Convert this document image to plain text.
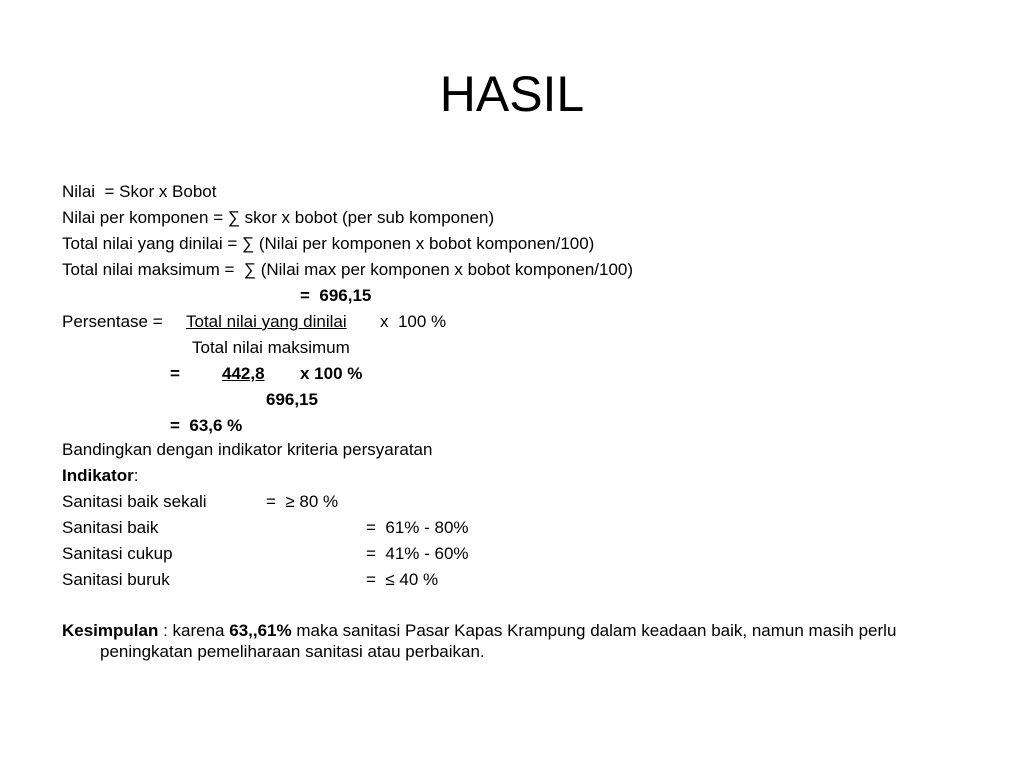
HASIL
Nilai  = Skor x Bobot
Nilai per komponen = ∑ skor x bobot (per sub komponen)
Total nilai yang dinilai = ∑ (Nilai per komponen x bobot komponen/100)
Total nilai maksimum =  ∑ (Nilai max per komponen x bobot komponen/100)
=  696,15
Persentase = Total nilai yang dinilai x  100 %
Total nilai maksimum
= 442,8	x 100 %
696,15
=  63,6 %
Bandingkan dengan indikator kriteria persyaratan
Indikator:
Sanitasi baik sekali	=  ≥ 80 %
Sanitasi baik	=  61% - 80%
Sanitasi cukup	=  41% - 60%
Sanitasi buruk	=  ≤ 40 %
Kesimpulan : karena 63,,61% maka sanitasi Pasar Kapas Krampung dalam keadaan baik, namun masih perlu peningkatan pemeliharaan sanitasi atau perbaikan.
